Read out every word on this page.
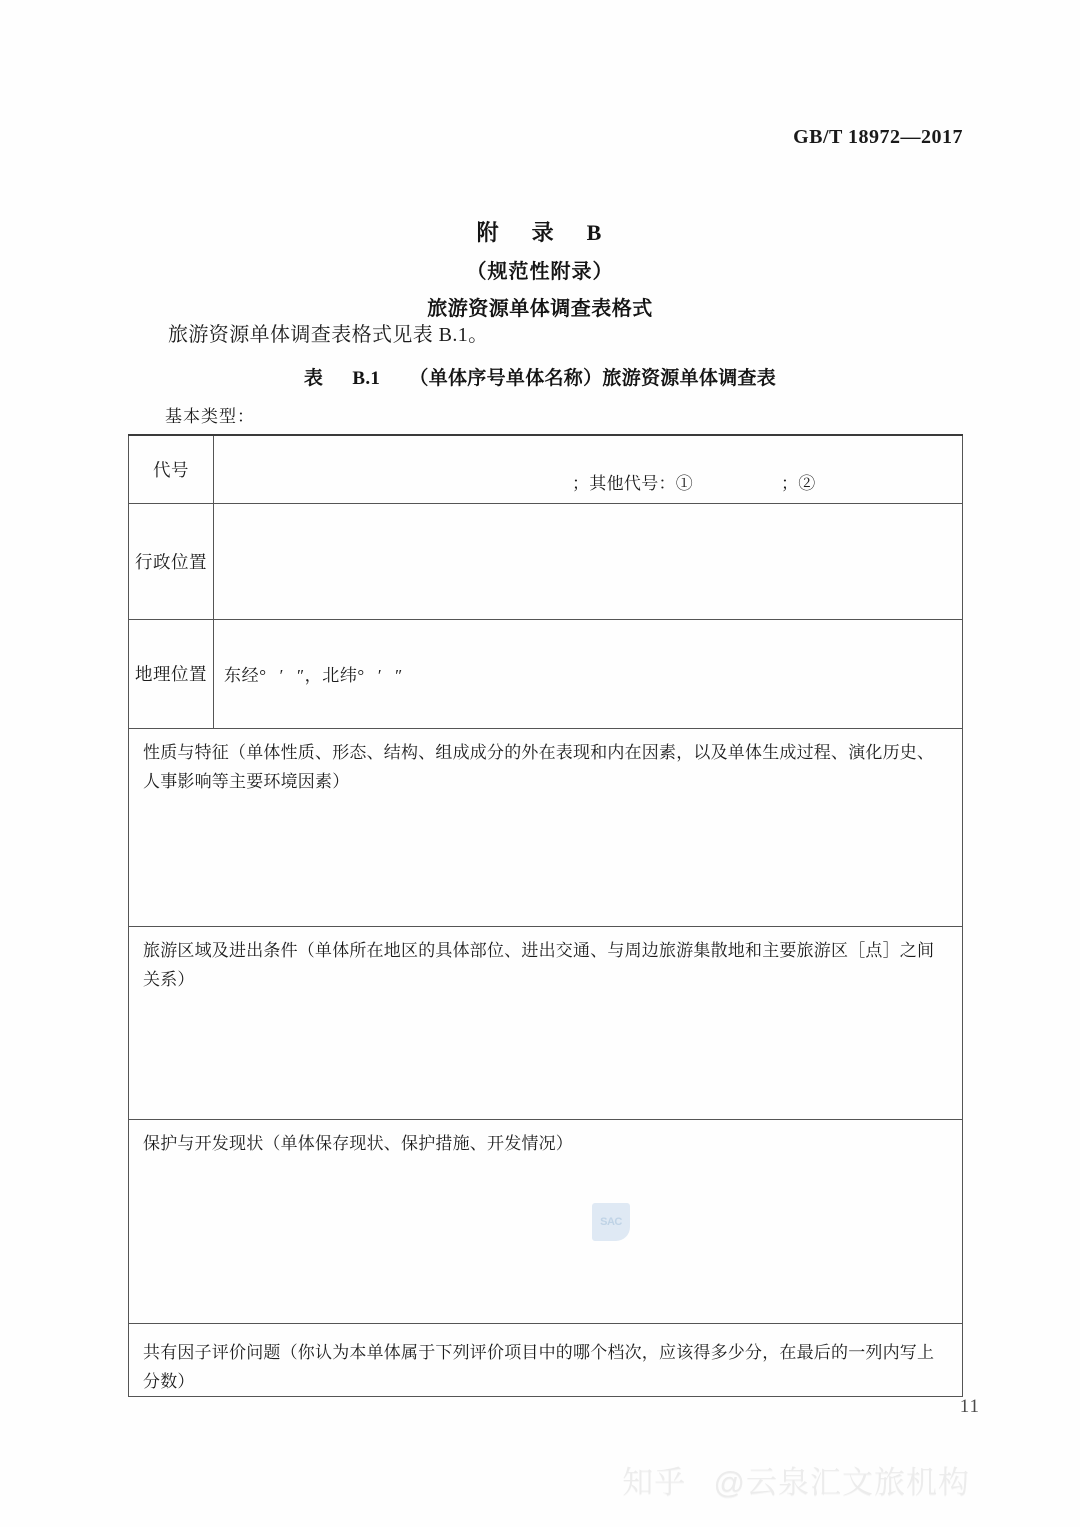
GB/T 18972—2017
附 录 B
（规范性附录）
旅游资源单体调查表格式
旅游资源单体调查表格式见表 B.1。
表 B.1 （单体序号单体名称）旅游资源单体调查表
基本类型：
代号	；其他代号：① ；②

行政位置	
地理位置	东经° ′ ″，北纬° ′ ″
性质与特征（单体性质、形态、结构、组成成分的外在表现和内在因素，以及单体生成过程、演化历史、人事影响等主要环境因素）	
旅游区域及进出条件（单体所在地区的具体部位、进出交通、与周边旅游集散地和主要旅游区［点］之间关系）	
保护与开发现状（单体保存现状、保护措施、开发情况）	
共有因子评价问题（你认为本单体属于下列评价项目中的哪个档次，应该得多少分，在最后的一列内写上分数）	
SAC
11
知乎 @云泉汇文旅机构
